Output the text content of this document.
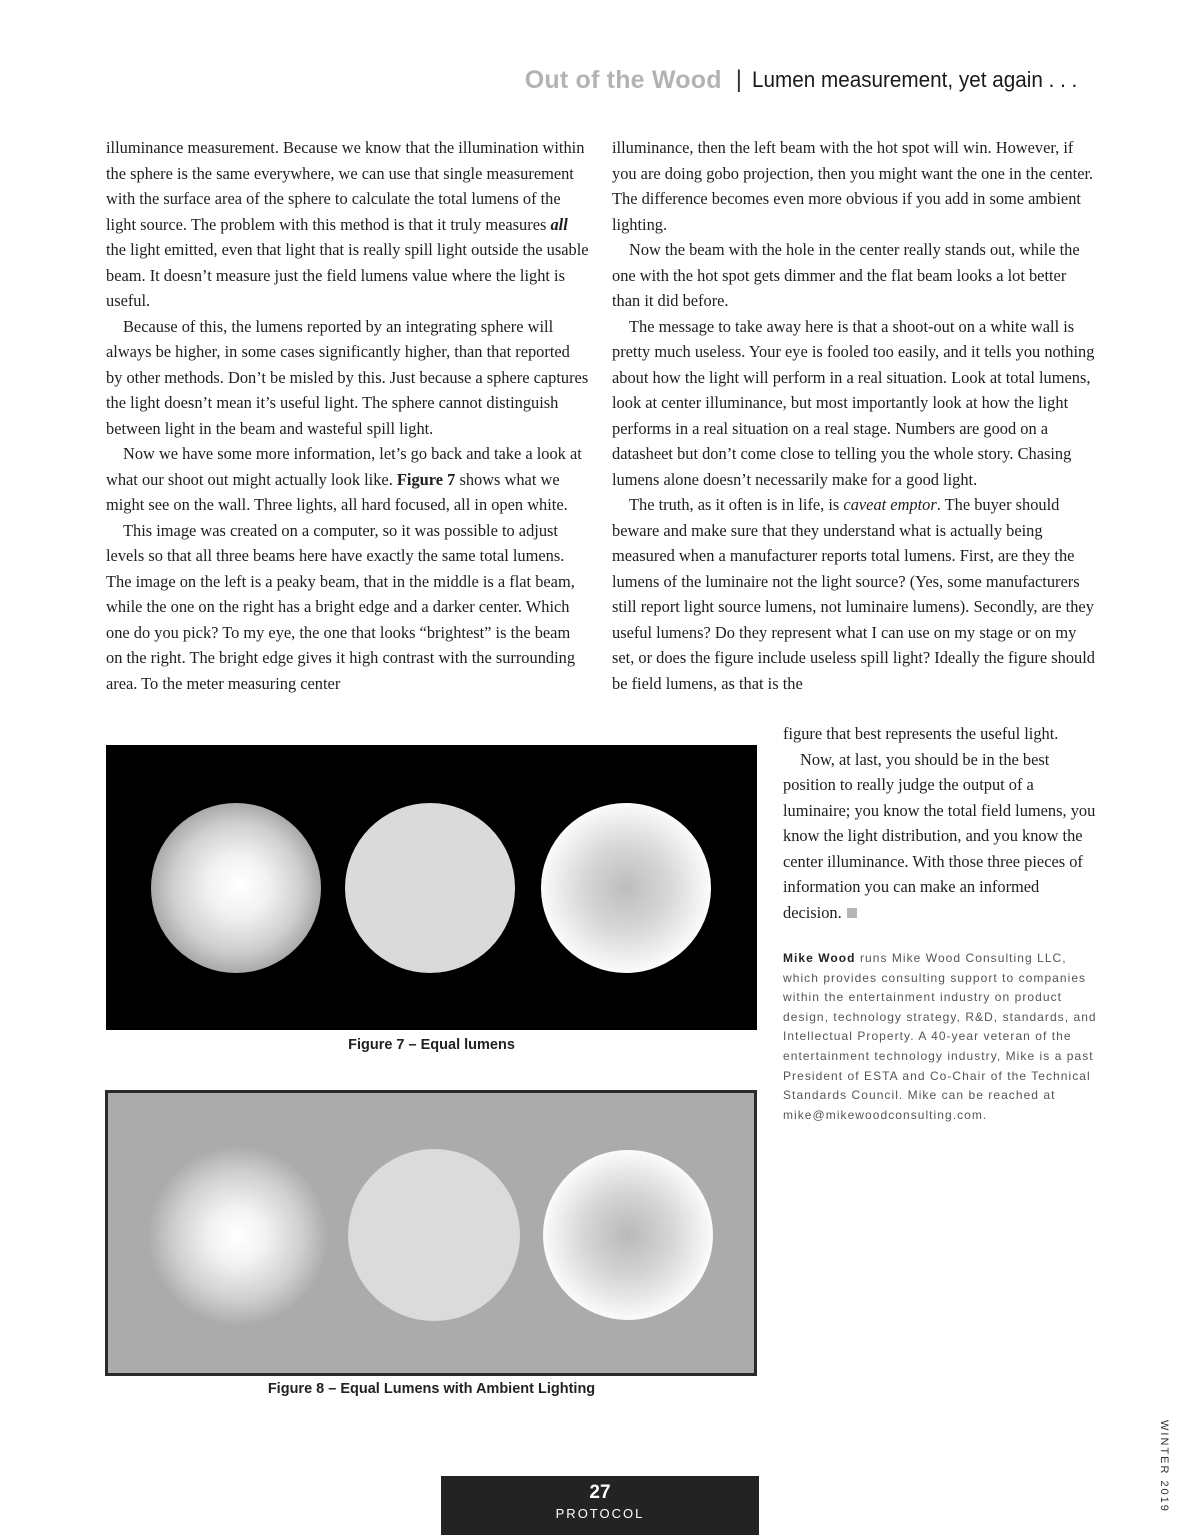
Out of the Wood | Lumen measurement, yet again . . .

illuminance measurement. Because we know that the illumination within the sphere is the same everywhere, we can use that single measurement with the surface area of the sphere to calculate the total lumens of the light source. The problem with this method is that it truly measures all the light emitted, even that light that is really spill light outside the usable beam. It doesn’t measure just the field lumens value where the light is useful.

Because of this, the lumens reported by an integrating sphere will always be higher, in some cases significantly higher, than that reported by other methods. Don’t be misled by this. Just because a sphere captures the light doesn’t mean it’s useful light. The sphere cannot distinguish between light in the beam and wasteful spill light.

Now we have some more information, let’s go back and take a look at what our shoot out might actually look like. Figure 7 shows what we might see on the wall. Three lights, all hard focused, all in open white.

This image was created on a computer, so it was possible to adjust levels so that all three beams here have exactly the same total lumens. The image on the left is a peaky beam, that in the middle is a flat beam, while the one on the right has a bright edge and a darker center. Which one do you pick? To my eye, the one that looks “brightest” is the beam on the right. The bright edge gives it high contrast with the surrounding area. To the meter measuring center

illuminance, then the left beam with the hot spot will win. However, if you are doing gobo projection, then you might want the one in the center. The difference becomes even more obvious if you add in some ambient lighting.

Now the beam with the hole in the center really stands out, while the one with the hot spot gets dimmer and the flat beam looks a lot better than it did before.

The message to take away here is that a shoot-out on a white wall is pretty much useless. Your eye is fooled too easily, and it tells you nothing about how the light will perform in a real situation. Look at total lumens, look at center illuminance, but most importantly look at how the light performs in a real situation on a real stage. Numbers are good on a datasheet but don’t come close to telling you the whole story. Chasing lumens alone doesn’t necessarily make for a good light.

The truth, as it often is in life, is caveat emptor. The buyer should beware and make sure that they understand what is actually being measured when a manufacturer reports total lumens. First, are they the lumens of the luminaire not the light source? (Yes, some manufacturers still report light source lumens, not luminaire lumens). Secondly, are they useful lumens? Do they represent what I can use on my stage or on my set, or does the figure include useless spill light? Ideally the figure should be field lumens, as that is the

figure that best represents the useful light.

Now, at last, you should be in the best position to really judge the output of a luminaire; you know the total field lumens, you know the light distribution, and you know the center illuminance. With those three pieces of information you can make an informed decision.

Figure 7 – Equal lumens
Figure 8 – Equal Lumens with Ambient Lighting
Mike Wood runs Mike Wood Consulting LLC, which provides consulting support to companies within the entertainment industry on product design, technology strategy, R&D, standards, and Intellectual Property. A 40-year veteran of the entertainment technology industry, Mike is a past President of ESTA and Co-Chair of the Technical Standards Council. Mike can be reached at mike@mikewoodconsulting.com.
WINTER 2019
27
PROTOCOL
